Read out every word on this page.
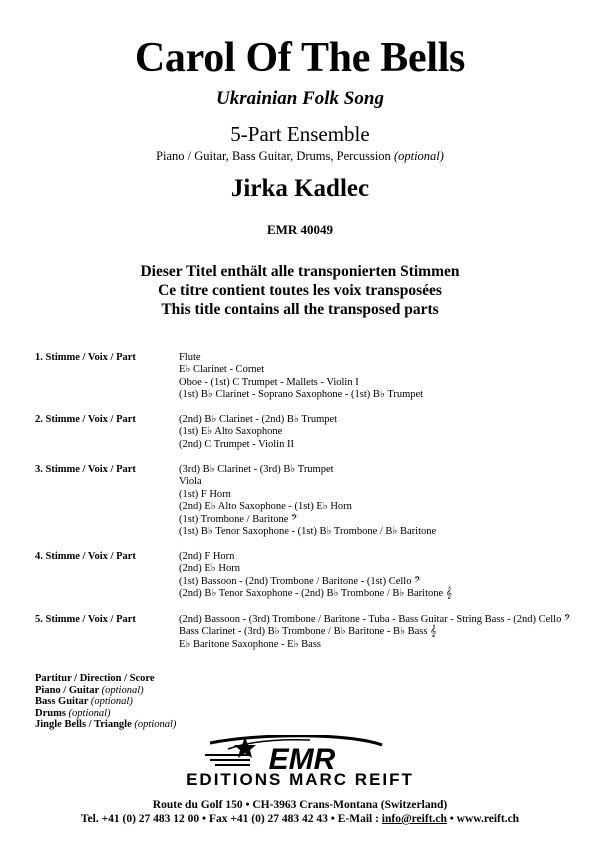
Carol Of The Bells
Ukrainian Folk Song
5-Part Ensemble
Piano / Guitar, Bass Guitar, Drums, Percussion (optional)
Jirka Kadlec
EMR 40049
Dieser Titel enthält alle transponierten Stimmen
Ce titre contient toutes les voix transposées
This title contains all the transposed parts
1. Stimme / Voix / Part	Flute
E♭ Clarinet - Cornet
Oboe - (1st) C Trumpet - Mallets - Violin I
(1st) B♭ Clarinet - Soprano Saxophone - (1st) B♭ Trumpet
2. Stimme / Voix / Part	(2nd) B♭ Clarinet - (2nd) B♭ Trumpet
(1st) E♭ Alto Saxophone
(2nd) C Trumpet - Violin II
3. Stimme / Voix / Part	(3rd) B♭ Clarinet - (3rd) B♭ Trumpet
Viola
(1st) F Horn
(2nd) E♭ Alto Saxophone - (1st) E♭ Horn
(1st) Trombone / Baritone 𝄢
(1st) B♭ Tenor Saxophone - (1st) B♭ Trombone / B♭ Baritone
4. Stimme / Voix / Part	(2nd) F Horn
(2nd) E♭ Horn
(1st) Bassoon - (2nd) Trombone / Baritone - (1st) Cello 𝄢
(2nd) B♭ Tenor Saxophone - (2nd) B♭ Trombone / B♭ Baritone 𝄞
5. Stimme / Voix / Part	(2nd) Bassoon - (3rd) Trombone / Baritone - Tuba - Bass Guitar - String Bass - (2nd) Cello 𝄢
Bass Clarinet - (3rd) B♭ Trombone / B♭ Baritone - B♭ Bass 𝄞
E♭ Baritone Saxophone - E♭ Bass
Partitur / Direction / Score
Piano / Guitar (optional)
Bass Guitar (optional)
Drums (optional)
Jingle Bells / Triangle (optional)
EMR
EDITIONS MARC REIFT
Route du Golf 150 • CH-3963 Crans-Montana (Switzerland)
Tel. +41 (0) 27 483 12 00 • Fax +41 (0) 27 483 42 43 • E-Mail : info@reift.ch • www.reift.ch
